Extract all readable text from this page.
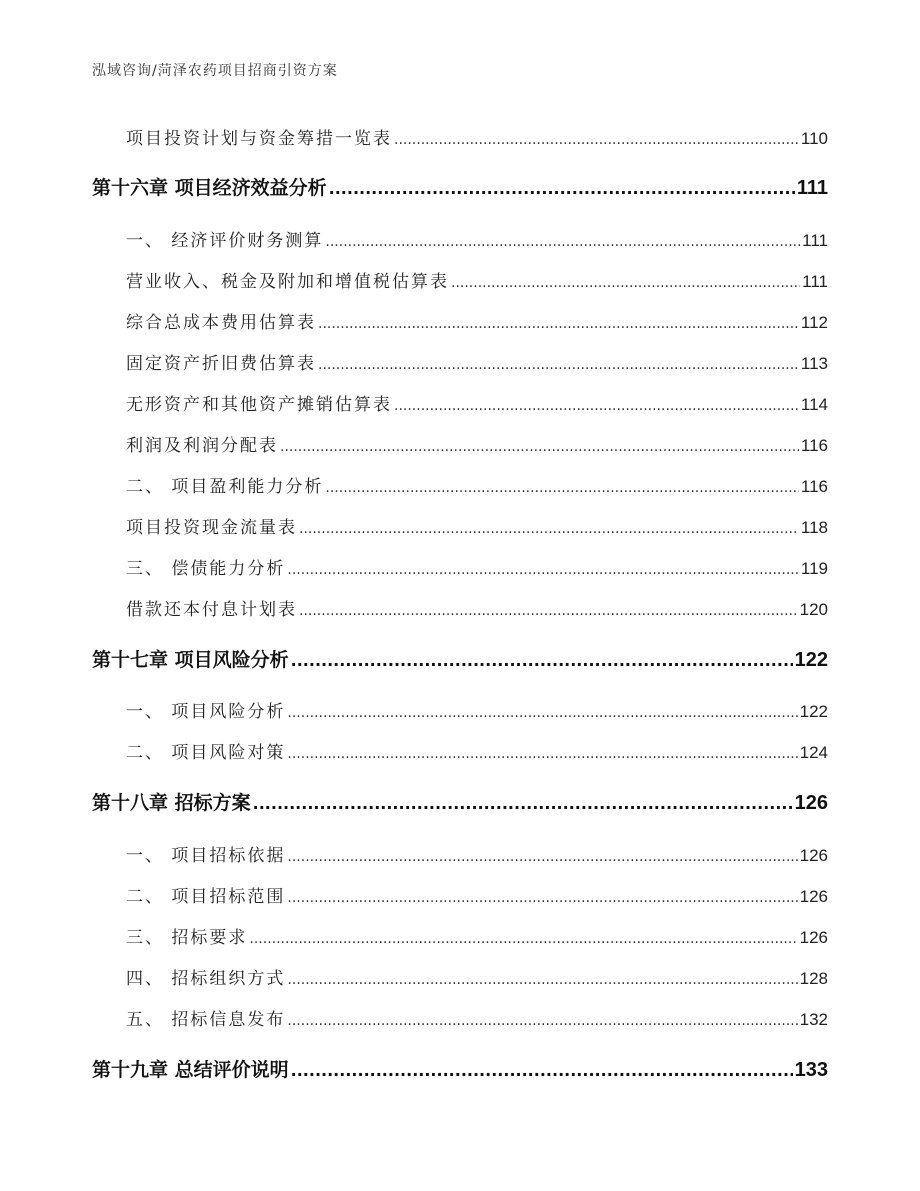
泓域咨询/菏泽农药项目招商引资方案
项目投资计划与资金筹措一览表 .....	110
第十六章 项目经济效益分析 .....	111
一、 经济评价财务测算 .....	111
营业收入、税金及附加和增值税估算表 .....	111
综合总成本费用估算表 .....	112
固定资产折旧费估算表 .....	113
无形资产和其他资产摊销估算表 .....	114
利润及利润分配表 .....	116
二、 项目盈利能力分析 .....	116
项目投资现金流量表 .....	118
三、 偿债能力分析 .....	119
借款还本付息计划表 .....	120
第十七章 项目风险分析 .....	122
一、 项目风险分析 .....	122
二、 项目风险对策 .....	124
第十八章 招标方案 .....	126
一、 项目招标依据 .....	126
二、 项目招标范围 .....	126
三、 招标要求 .....	126
四、 招标组织方式 .....	128
五、 招标信息发布 .....	132
第十九章 总结评价说明 .....	133
